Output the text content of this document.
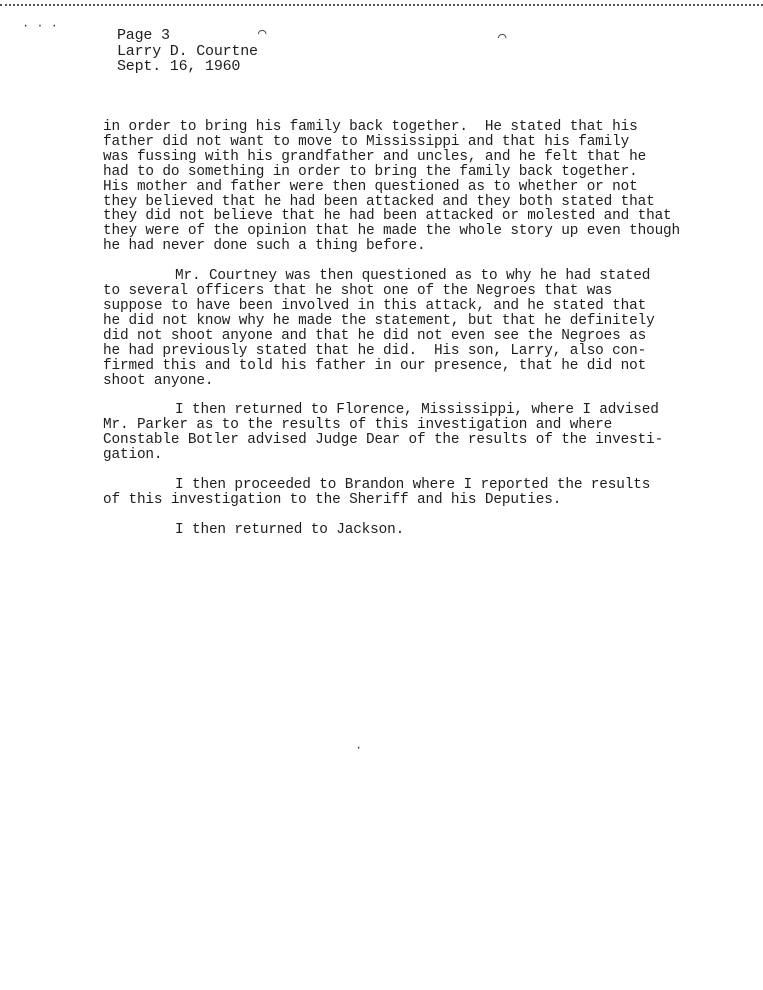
· · ·	⌒	⌒
·
Page 3
Larry D. Courtne
Sept. 16, 1960
in order to bring his family back together.  He stated that his
father did not want to move to Mississippi and that his family
was fussing with his grandfather and uncles, and he felt that he
had to do something in order to bring the family back together.
His mother and father were then questioned as to whether or not
they believed that he had been attacked and they both stated that
they did not believe that he had been attacked or molested and that
they were of the opinion that he made the whole story up even though
he had never done such a thing before.
Mr. Courtney was then questioned as to why he had stated
to several officers that he shot one of the Negroes that was
suppose to have been involved in this attack, and he stated that
he did not know why he made the statement, but that he definitely
did not shoot anyone and that he did not even see the Negroes as
he had previously stated that he did.  His son, Larry, also con-
firmed this and told his father in our presence, that he did not
shoot anyone.
I then returned to Florence, Mississippi, where I advised
Mr. Parker as to the results of this investigation and where
Constable Botler advised Judge Dear of the results of the investi-
gation.
I then proceeded to Brandon where I reported the results
of this investigation to the Sheriff and his Deputies.
I then returned to Jackson.
